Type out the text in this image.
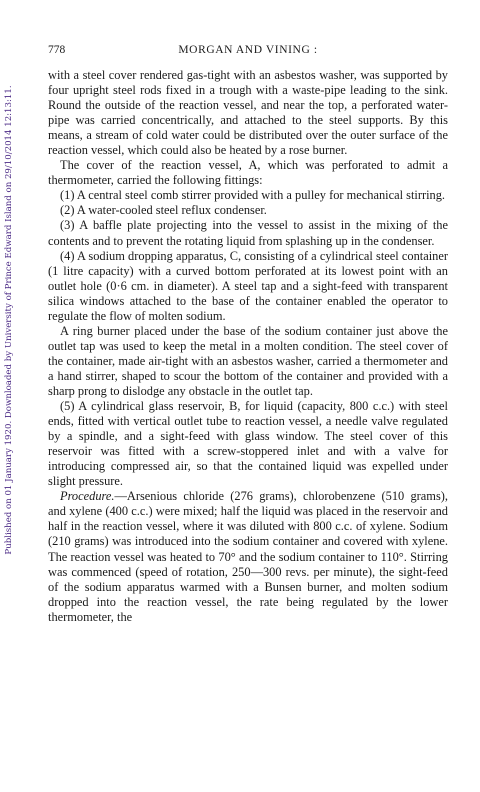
Published on 01 January 1920. Downloaded by University of Prince Edward Island on 29/10/2014 12:13:11.
778	MORGAN AND VINING :

with a steel cover rendered gas-tight with an asbestos washer, was supported by four upright steel rods fixed in a trough with a waste-pipe leading to the sink. Round the outside of the reaction vessel, and near the top, a perforated water-pipe was carried concentrically, and attached to the steel supports. By this means, a stream of cold water could be distributed over the outer surface of the reaction vessel, which could also be heated by a rose burner.

The cover of the reaction vessel, A, which was perforated to admit a thermometer, carried the following fittings:

(1) A central steel comb stirrer provided with a pulley for mechanical stirring.

(2) A water-cooled steel reflux condenser.

(3) A baffle plate projecting into the vessel to assist in the mixing of the contents and to prevent the rotating liquid from splashing up in the condenser.

(4) A sodium dropping apparatus, C, consisting of a cylindrical steel container (1 litre capacity) with a curved bottom perforated at its lowest point with an outlet hole (0·6 cm. in diameter). A steel tap and a sight-feed with transparent silica windows attached to the base of the container enabled the operator to regulate the flow of molten sodium.

A ring burner placed under the base of the sodium container just above the outlet tap was used to keep the metal in a molten condition. The steel cover of the container, made air-tight with an asbestos washer, carried a thermometer and a hand stirrer, shaped to scour the bottom of the container and provided with a sharp prong to dislodge any obstacle in the outlet tap.

(5) A cylindrical glass reservoir, B, for liquid (capacity, 800 c.c.) with steel ends, fitted with vertical outlet tube to reaction vessel, a needle valve regulated by a spindle, and a sight-feed with glass window. The steel cover of this reservoir was fitted with a screw-stoppered inlet and with a valve for introducing compressed air, so that the contained liquid was expelled under slight pressure.

Procedure.—Arsenious chloride (276 grams), chlorobenzene (510 grams), and xylene (400 c.c.) were mixed; half the liquid was placed in the reservoir and half in the reaction vessel, where it was diluted with 800 c.c. of xylene. Sodium (210 grams) was introduced into the sodium container and covered with xylene. The reaction vessel was heated to 70° and the sodium container to 110°. Stirring was commenced (speed of rotation, 250—300 revs. per minute), the sight-feed of the sodium apparatus warmed with a Bunsen burner, and molten sodium dropped into the reaction vessel, the rate being regulated by the lower thermometer, the
